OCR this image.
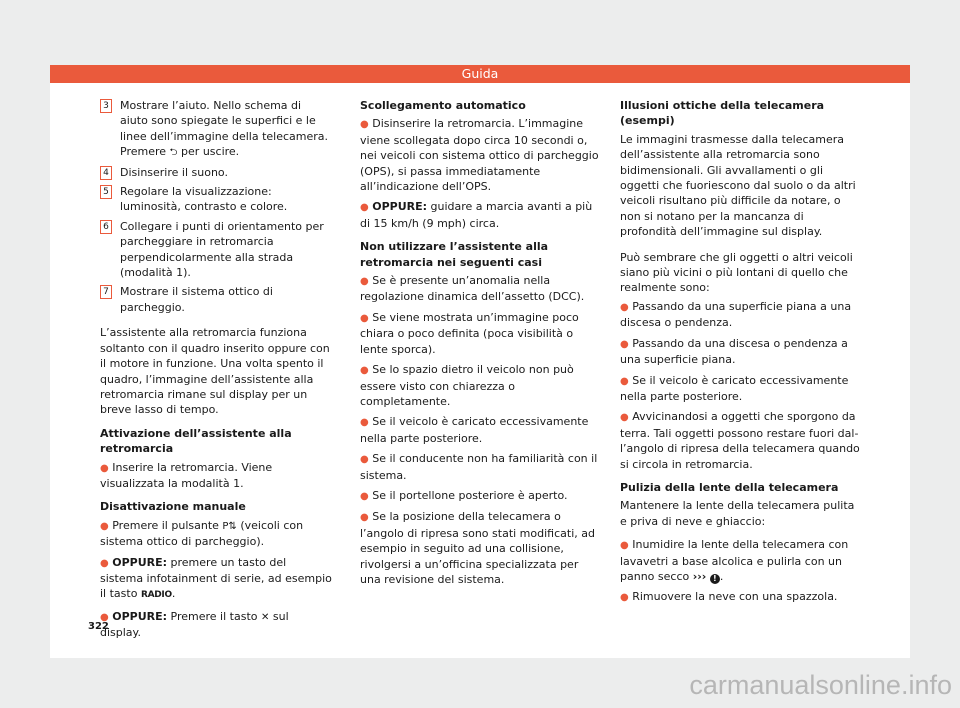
Guida
3 Mostrare l’aiuto. Nello schema di aiuto sono spiegate le superfici e le linee dell’immagine della telecamera. Premere ⮌ per uscire.
4 Disinserire il suono.
5 Regolare la visualizzazione: luminosità, contrasto e colore.
6 Collegare i punti di orientamento per parcheggiare in retromarcia perpendicolarmente alla strada (modalità 1).
7 Mostrare il sistema ottico di parcheggio.

L’assistente alla retromarcia funziona soltanto con il quadro inserito oppure con il motore in funzione. Una volta spento il quadro, l’immagine dell’assistente alla retromarcia rimane sul display per un breve lasso di tempo.

Attivazione dell’assistente alla retromarcia

● Inserire la retromarcia. Viene visualizzata la modalità 1.

Disattivazione manuale

● Premere il pulsante P⇅ (veicoli con sistema ottico di parcheggio).

● OPPURE: premere un tasto del sistema infotainment di serie, ad esempio il tasto RADIO.

● OPPURE: Premere il tasto ✕ sul display.

Scollegamento automatico

● Disinserire la retromarcia. L’immagine viene scollegata dopo circa 10 secondi o, nei veicoli con sistema ottico di parcheggio (OPS), si passa immediatamente all’indicazione dell’OPS.

● OPPURE: guidare a marcia avanti a più di 15 km/h (9 mph) circa.

Non utilizzare l’assistente alla retromarcia nei seguenti casi

● Se è presente un’anomalia nella regolazione dinamica dell’assetto (DCC).

● Se viene mostrata un’immagine poco chiara o poco definita (poca visibilità o lente sporca).

● Se lo spazio dietro il veicolo non può essere visto con chiarezza o completamente.

● Se il veicolo è caricato eccessivamente nella parte posteriore.

● Se il conducente non ha familiarità con il sistema.

● Se il portellone posteriore è aperto.

● Se la posizione della telecamera o l’angolo di ripresa sono stati modificati, ad esempio in seguito ad una collisione, rivolgersi a un’officina specializzata per una revisione del sistema.

Illusioni ottiche della telecamera (esempi)

Le immagini trasmesse dalla telecamera dell’assistente alla retromarcia sono bidimensionali. Gli avvallamenti o gli oggetti che fuoriescono dal suolo o da altri veicoli risultano più difficile da notare, o non si notano per la mancanza di profondità dell’immagine sul display.

Può sembrare che gli oggetti o altri veicoli siano più vicini o più lontani di quello che realmente sono:

● Passando da una superficie piana a una discesa o pendenza.

● Passando da una discesa o pendenza a una superficie piana.

● Se il veicolo è caricato eccessivamente nella parte posteriore.

● Avvicinandosi a oggetti che sporgono da terra. Tali oggetti possono restare fuori dall’angolo di ripresa della telecamera quando si circola in retromarcia.

Pulizia della lente della telecamera

Mantenere la lente della telecamera pulita e priva di neve e ghiaccio:

● Inumidire la lente della telecamera con lavavetri a base alcolica e pulirla con un panno secco ››› ! .

● Rimuovere la neve con una spazzola.

322
carmanualsonline.info
